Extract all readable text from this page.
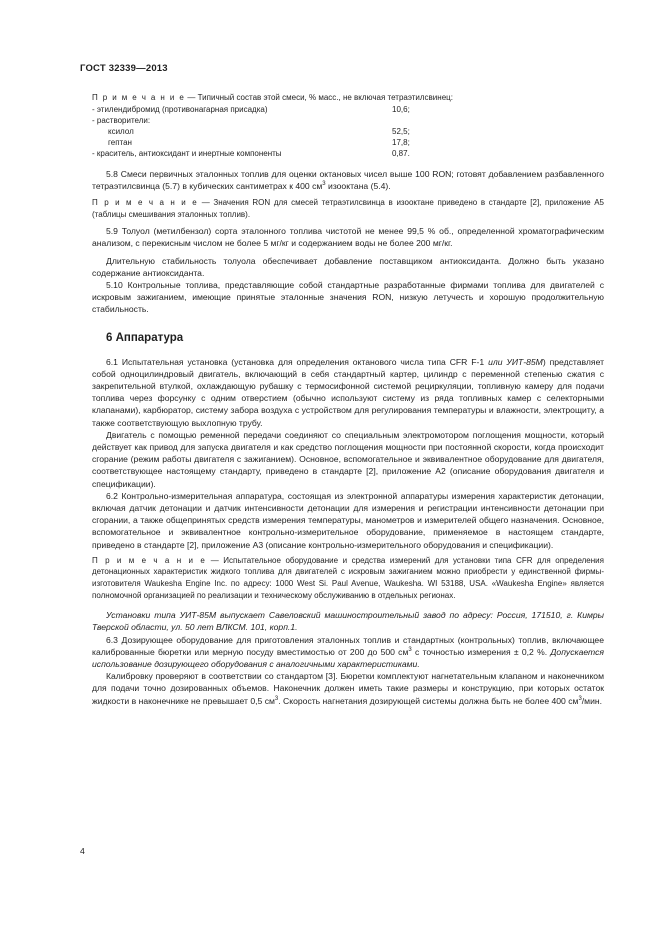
ГОСТ 32339—2013

П р и м е ч а н и е — Типичный состав этой смеси, % масс., не включая тетраэтилсвинец:

- этилендибромид (противонагарная присадка)	10,6;
- растворители:
ксилол	52,5;
гептан	17,8;
- краситель, антиоксидант и инертные компоненты	0,87.

5.8 Смеси первичных эталонных топлив для оценки октановых чисел выше 100 RON; готовят добавлением разбавленного тетраэтилсвинца (5.7) в кубических сантиметрах к 400 $см^3$ изооктана (5.4).

П р и м е ч а н и е — Значения RON для смесей тетраэтилсвинца в изооктане приведено в стандарте [2], приложение А5 (таблицы смешивания эталонных топлив).

5.9 Толуол (метилбензол) сорта эталонного топлива чистотой не менее 99,5 % об., определенной хроматографическим анализом, с перекисным числом не более 5 мг/кг и содержанием воды не более 200 мг/кг.

Длительную стабильность толуола обеспечивает добавление поставщиком антиоксиданта. Должно быть указано содержание антиоксиданта.

5.10 Контрольные топлива, представляющие собой стандартные разработанные фирмами топлива для двигателей с искровым зажиганием, имеющие принятые эталонные значения RON, низкую летучесть и хорошую продолжительную стабильность.

6 Аппаратура

6.1 Испытательная установка (установка для определения октанового числа типа CFR F-1 или УИТ-85М) представляет собой одноцилиндровый двигатель, включающий в себя стандартный картер, цилиндр с переменной степенью сжатия с закрепительной втулкой, охлаждающую рубашку с термосифонной системой рециркуляции, топливную камеру для подачи топлива через форсунку с одним отверстием (обычно используют систему из ряда топливных камер с селекторными клапанами), карбюратор, систему забора воздуха с устройством для регулирования температуры и влажности, электрощиту, а также соответствующую выхлопную трубу.

Двигатель с помощью ременной передачи соединяют со специальным электромотором поглощения мощности, который действует как привод для запуска двигателя и как средство поглощения мощности при постоянной скорости, когда происходит сгорание (режим работы двигателя с зажиганием). Основное, вспомогательное и эквивалентное оборудование для двигателя, соответствующее настоящему стандарту, приведено в стандарте [2], приложение А2 (описание оборудования двигателя и спецификации).

6.2 Контрольно-измерительная аппаратура, состоящая из электронной аппаратуры измерения характеристик детонации, включая датчик детонации и датчик интенсивности детонации для измерения и регистрации интенсивности детонации при сгорании, а также общепринятых средств измерения температуры, манометров и измерителей общего назначения. Основное, вспомогательное и эквивалентное контрольно-измерительное оборудование, применяемое в настоящем стандарте, приведено в стандарте [2], приложение А3 (описание контрольно-измерительного оборудования и спецификации).

П р и м е ч а н и е — Испытательное оборудование и средства измерений для установки типа CFR для определения детонационных характеристик жидкого топлива для двигателей с искровым зажиганием можно приобрести у единственной фирмы-изготовителя Waukesha Engine Inc. по адресу: 1000 West Si. Paul Avenue, Waukesha. WI 53188, USA. «Waukesha Engine» является полномочной организацией по реализации и техническому обслуживанию в отдельных регионах.

Установки типа УИТ-85М выпускает Савеловский машиностроительный завод по адресу: Россия, 171510, г. Кимры Тверской области, ул. 50 лет ВЛКСМ. 101, корп.1.

6.3 Дозирующее оборудование для приготовления эталонных топлив и стандартных (контрольных) топлив, включающее калиброванные бюретки или мерную посуду вместимостью от 200 до 500 $см^3$ с точностью измерения ± 0,2 %. Допускается использование дозирующего оборудования с аналогичными характеристиками.

Калибровку проверяют в соответствии со стандартом [3]. Бюретки комплектуют нагнетательным клапаном и наконечником для подачи точно дозированных объемов. Наконечник должен иметь такие размеры и конструкцию, при которых остаток жидкости в наконечнике не превышает 0,5 $см^3$. Скорость нагнетания дозирующей системы должна быть не более 400 $см^3$/мин.

4
